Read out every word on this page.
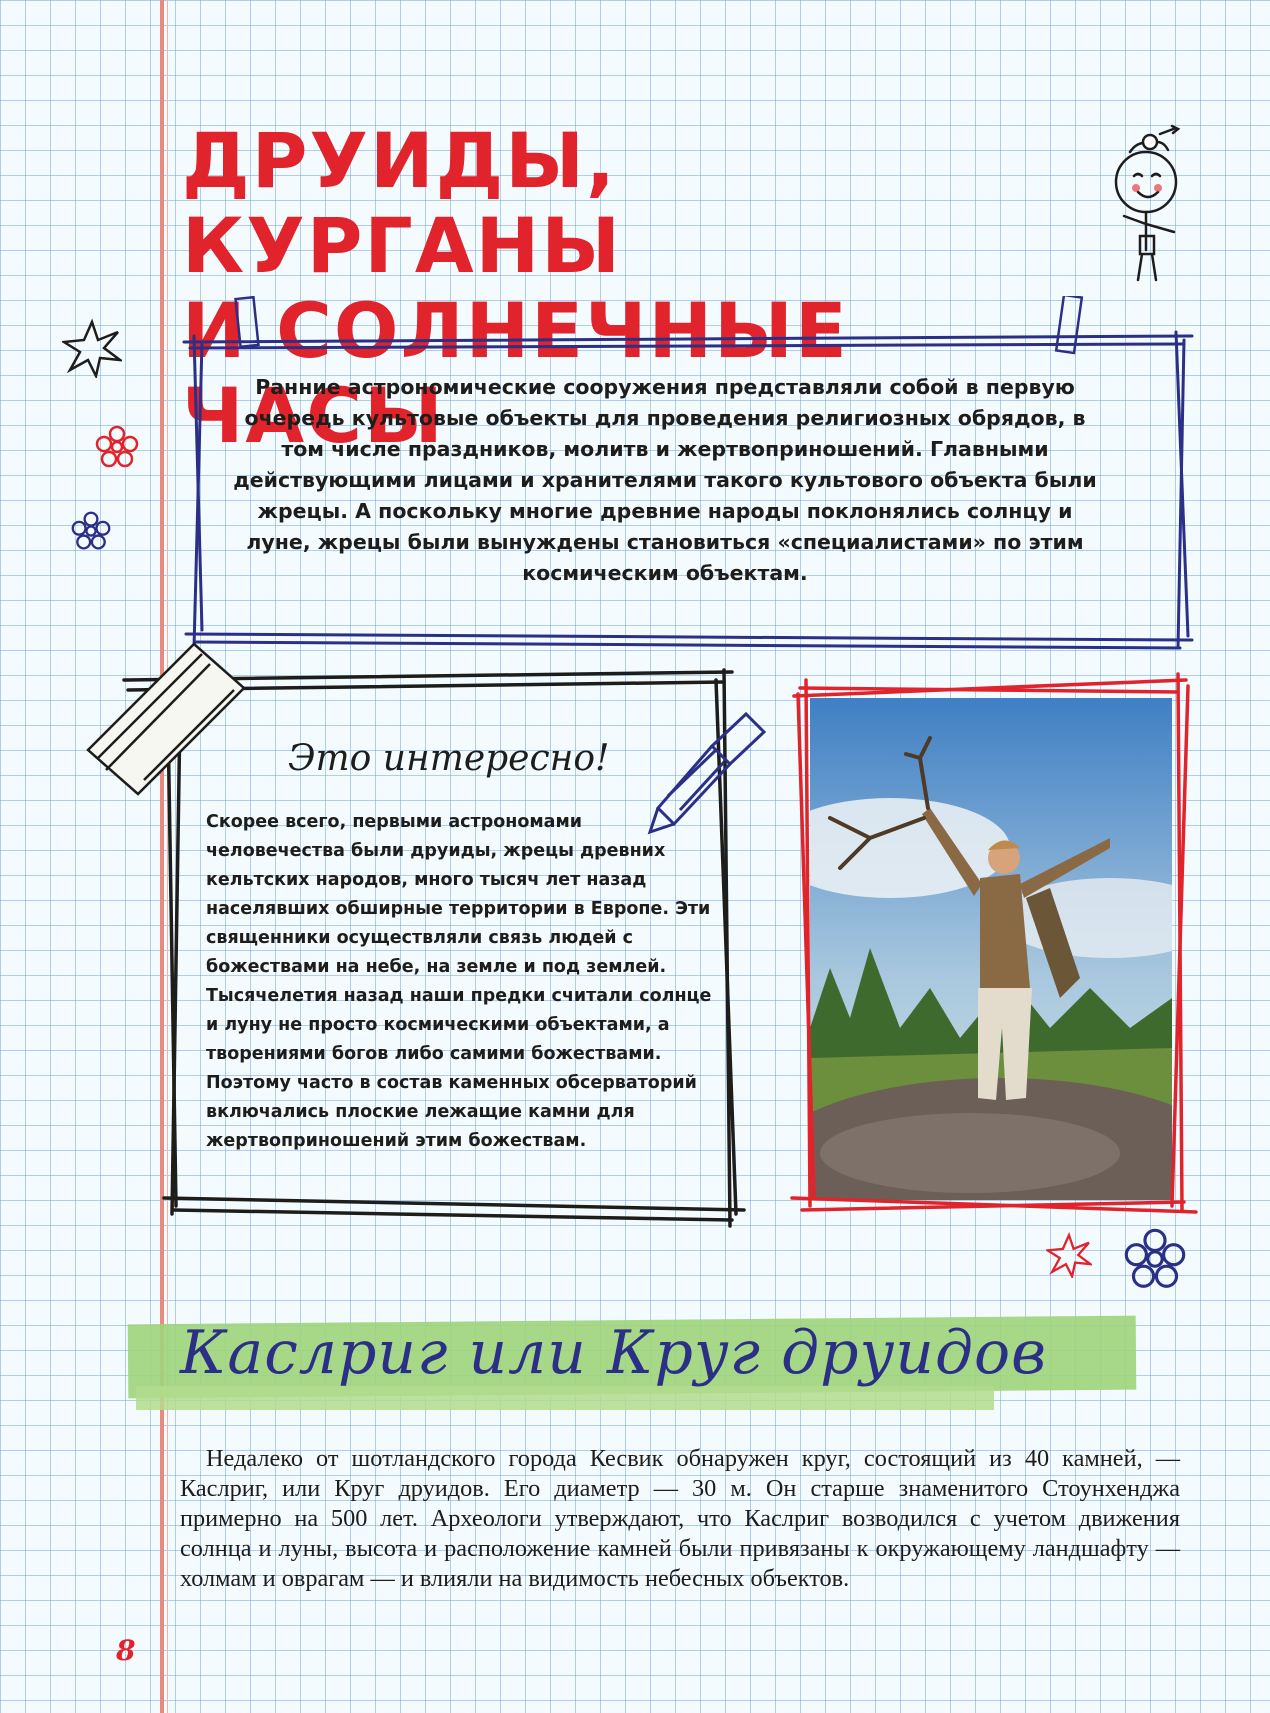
ДРУИДЫ, КУРГАНЫ
И СОЛНЕЧНЫЕ ЧАСЫ

Ранние астрономические сооружения представляли собой в первую очередь культовые объекты для проведения религиозных обрядов, в том числе праздников, молитв и жертвоприношений. Главными действующими лицами и хранителями такого культового объекта были жрецы. А поскольку многие древние народы поклонялись солнцу и луне, жрецы были вынуждены становиться «специалистами» по этим космическим объектам.

Это интересно!

Скорее всего, первыми астрономами человечества были друиды, жрецы древних кельтских народов, много тысяч лет назад населявших обширные территории в Европе. Эти священники осуществляли связь людей с божествами на небе, на земле и под землей. Тысячелетия назад наши предки считали солнце и луну не просто космическими объектами, а творениями богов либо самими божествами. Поэтому часто в состав каменных обсерваторий включались плоские лежащие камни для жертвоприношений этим божествам.

Каслриг или Круг друидов

Недалеко от шотландского города Кесвик обнаружен круг, состоящий из 40 камней, — Каслриг, или Круг друидов. Его диаметр — 30 м. Он старше знаменитого Стоунхенджа примерно на 500 лет. Археологи утверждают, что Каслриг возводился с учетом движения солнца и луны, высота и расположение камней были привязаны к окружающему ландшафту — холмам и оврагам — и влияли на видимость небесных объектов.

8
